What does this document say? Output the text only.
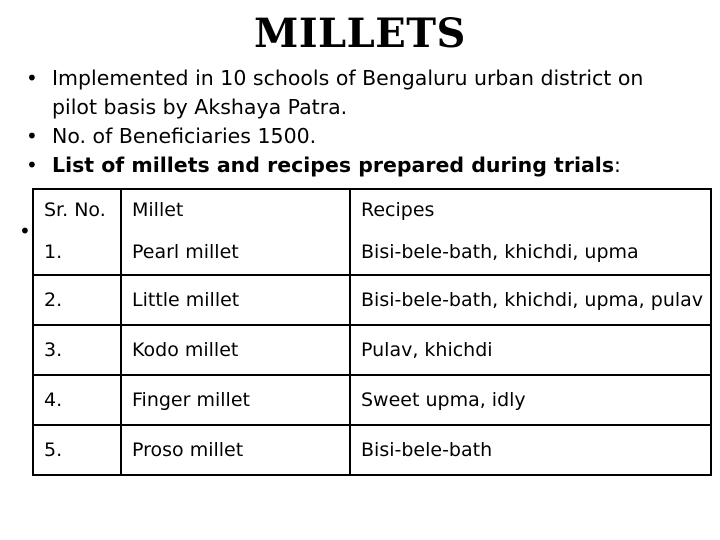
MILLETS
• Implemented in 10 schools of Bengaluru urban district on pilot basis by Akshaya Patra.
• No. of Beneficiaries 1500.
• List of millets and recipes prepared during trials:
•
Sr. No.	Millet	Recipes
1.	Pearl millet	Bisi-bele-bath, khichdi, upma
2.	Little millet	Bisi-bele-bath, khichdi, upma, pulav
3.	Kodo millet	Pulav, khichdi
4.	Finger millet	Sweet upma, idly
5.	Proso millet	Bisi-bele-bath
